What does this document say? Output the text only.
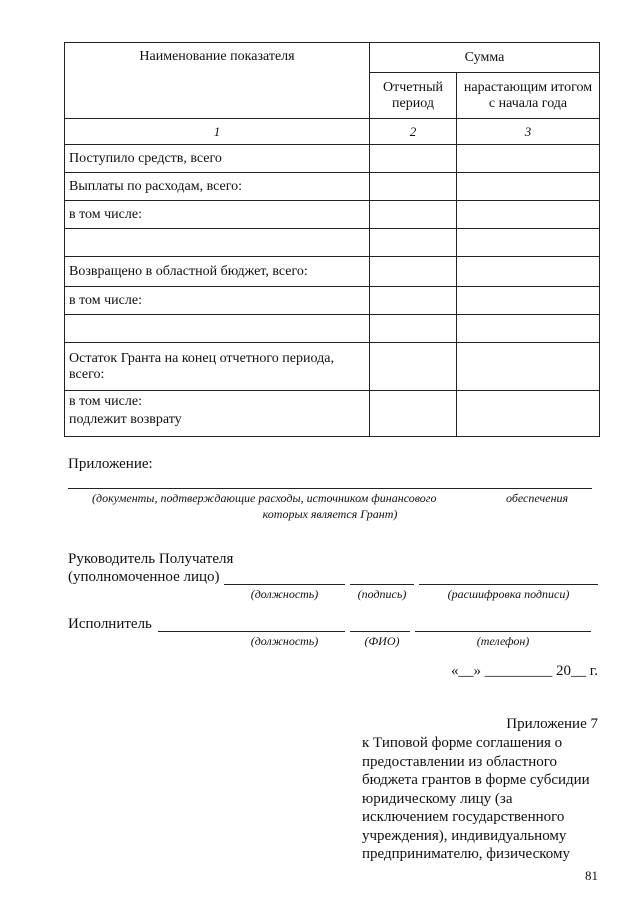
Наименование показателя	Сумма	
	Отчетный период	нарастающим итогом с начала года
1	2	3
Поступило средств, всего		
Выплаты по расходам, всего:		
в том числе:		

Возвращено в областной бюджет, всего:		
в том числе:		

Остаток Гранта на конец отчетного периода, всего:		
в том числе:
подлежит возврату		
Приложение:
(документы, подтверждающие расходы, источником финансового	обеспечения
которых является Грант)
Руководитель Получателя
(уполномоченное лицо)
(должность)	(подпись)	(расшифровка подписи)
Исполнитель
(должность)	(ФИО)	(телефон)
«__» _________ 20__ г.
Приложение 7
к Типовой форме соглашения о
предоставлении из областного
бюджета грантов в форме субсидии
юридическому лицу (за
исключением государственного
учреждения), индивидуальному
предпринимателю, физическому
81
